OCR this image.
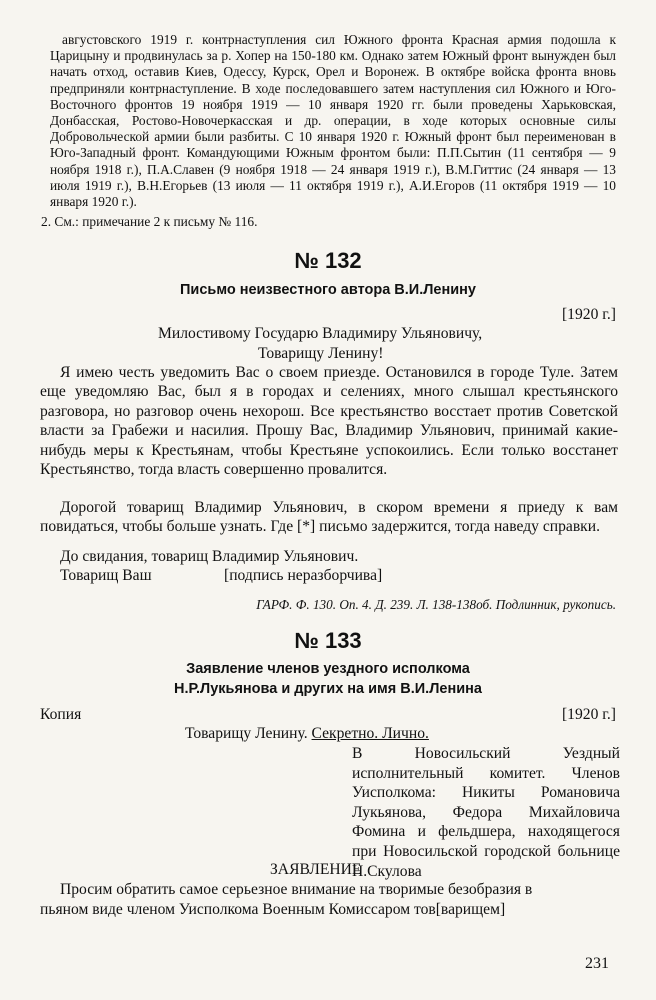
августовского 1919 г. контрнаступления сил Южного фронта Красная армия подошла к Царицыну и продвинулась за р. Хопер на 150-180 км. Однако затем Южный фронт вынужден был начать отход, оставив Киев, Одессу, Курск, Орел и Воронеж. В октябре войска фронта вновь предприняли контрнаступление. В ходе последовавшего затем наступления сил Южного и Юго-Восточного фронтов 19 ноября 1919 — 10 января 1920 гг. были проведены Харьковская, Донбасская, Ростово-Новочеркасская и др. операции, в ходе которых основные силы Добровольческой армии были разбиты. С 10 января 1920 г. Южный фронт был переименован в Юго-Западный фронт. Командующими Южным фронтом были: П.П.Сытин (11 сентября — 9 ноября 1918 г.), П.А.Славен (9 ноября 1918 — 24 января 1919 г.), В.М.Гиттис (24 января — 13 июля 1919 г.), В.Н.Егорьев (13 июля — 11 октября 1919 г.), А.И.Егоров (11 октября 1919 — 10 января 1920 г.).

2. См.: примечание 2 к письму № 116.
№ 132
Письмо неизвестного автора В.И.Ленину
[1920 г.]
Милостивому Государю Владимиру Ульяновичу,
Товарищу Ленину!

Я имею честь уведомить Вас о своем приезде. Остановился в городе Туле. Затем еще уведомляю Вас, был я в городах и селениях, много слышал крестьянского разговора, но разговор очень нехорош. Все крестьянство восстает против Советской власти за Грабежи и насилия. Прошу Вас, Владимир Ульянович, принимай какие-нибудь меры к Крестьянам, чтобы Крестьяне успокоились. Если только восстанет Крестьянство, тогда власть совершенно провалится.

Дорогой товарищ Владимир Ульянович, в скором времени я приеду к вам повидаться, чтобы больше узнать. Где [*] письмо задержится, тогда наведу справки.

До свидания, товарищ Владимир Ульянович.
Товарищ Ваш	[подпись неразборчива]
ГАРФ. Ф. 130. Оп. 4. Д. 239. Л. 138-138об. Подлинник, рукопись.
№ 133
Заявление членов уездного исполкома
Н.Р.Лукьянова и других на имя В.И.Ленина
Копия	[1920 г.]
Товарищу Ленину. Секретно. Лично.
В Новосильский Уездный исполнительный комитет. Членов Уисполкома: Никиты Романовича Лукьянова, Федора Михайловича Фомина и фельдшера, находящегося при Новосильской городской больнице Н.Скулова
ЗАЯВЛЕНИЕ
Просим обратить самое серьезное внимание на творимые безобразия в
пьяном виде членом Уисполкома Военным Комиссаром тов[варищем]
231
